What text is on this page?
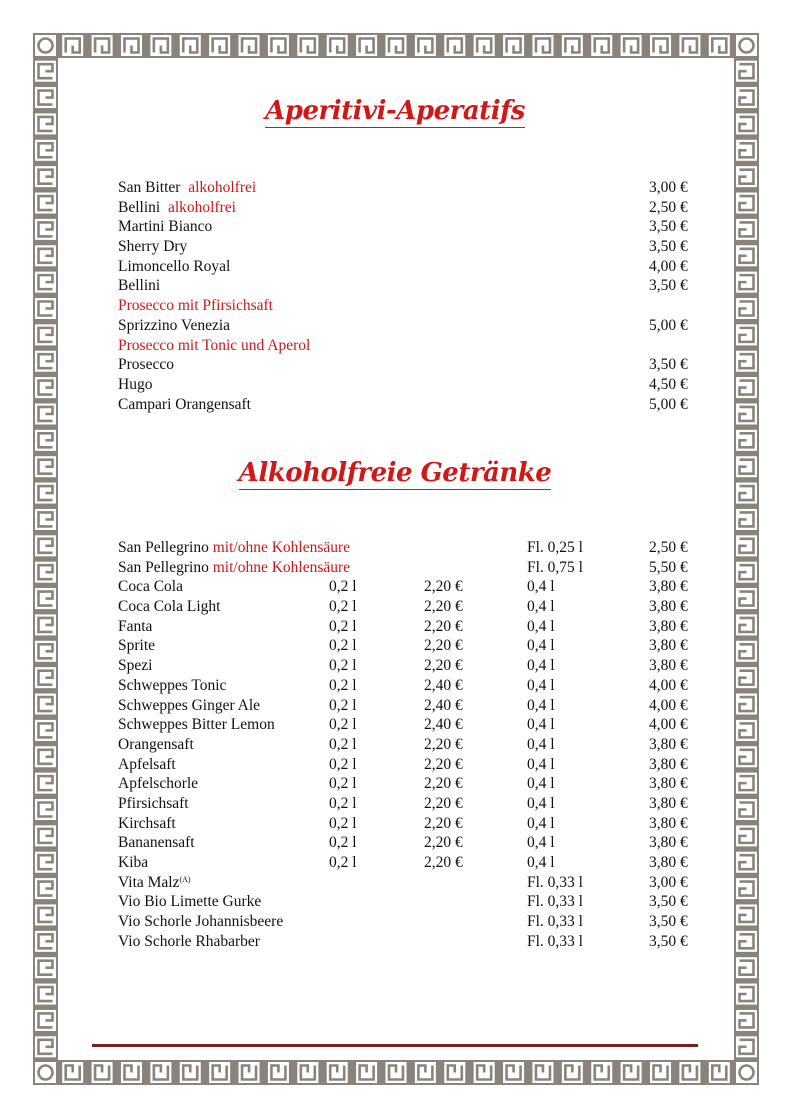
Aperitivi-Aperatifs
San Bitter alkoholfrei	3,00 €
Bellini alkoholfrei	2,50 €
Martini Bianco	3,50 €
Sherry Dry	3,50 €
Limoncello Royal	4,00 €
Bellini	3,50 €
Prosecco mit Pfirsichsaft
Sprizzino Venezia	5,00 €
Prosecco mit Tonic und Aperol
Prosecco	3,50 €
Hugo	4,50 €
Campari Orangensaft	5,00 €
Alkoholfreie Getränke
San Pellegrino mit/ohne Kohlensäure	Fl. 0,25 l	2,50 €
San Pellegrino mit/ohne Kohlensäure	Fl. 0,75 l	5,50 €
Coca Cola	0,2 l	2,20 €	0,4 l	3,80 €
Coca Cola Light	0,2 l	2,20 €	0,4 l	3,80 €
Fanta	0,2 l	2,20 €	0,4 l	3,80 €
Sprite	0,2 l	2,20 €	0,4 l	3,80 €
Spezi	0,2 l	2,20 €	0,4 l	3,80 €
Schweppes Tonic	0,2 l	2,40 €	0,4 l	4,00 €
Schweppes Ginger Ale	0,2 l	2,40 €	0,4 l	4,00 €
Schweppes Bitter Lemon	0,2 l	2,40 €	0,4 l	4,00 €
Orangensaft	0,2 l	2,20 €	0,4 l	3,80 €
Apfelsaft	0,2 l	2,20 €	0,4 l	3,80 €
Apfelschorle	0,2 l	2,20 €	0,4 l	3,80 €
Pfirsichsaft	0,2 l	2,20 €	0,4 l	3,80 €
Kirchsaft	0,2 l	2,20 €	0,4 l	3,80 €
Bananensaft	0,2 l	2,20 €	0,4 l	3,80 €
Kiba	0,2 l	2,20 €	0,4 l	3,80 €
Vita Malz$^{(A)}$	Fl. 0,33 l	3,00 €
Vio Bio Limette Gurke	Fl. 0,33 l	3,50 €
Vio Schorle Johannisbeere	Fl. 0,33 l	3,50 €
Vio Schorle Rhabarber	Fl. 0,33 l	3,50 €
